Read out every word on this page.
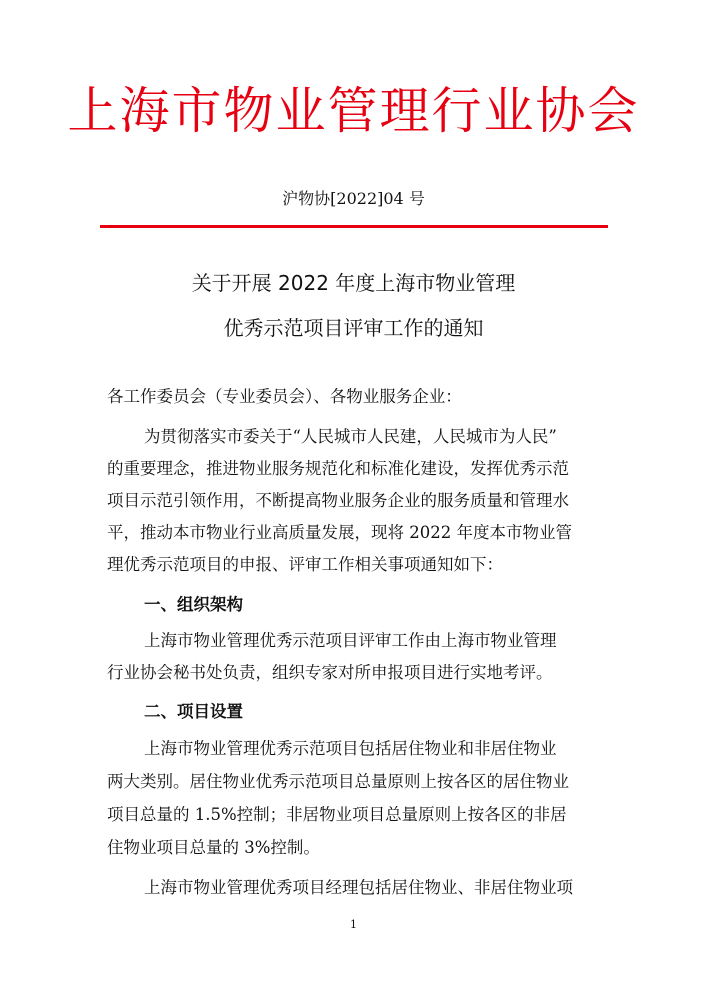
上海市物业管理行业协会
沪物协[2022]04 号
关于开展 2022 年度上海市物业管理
优秀示范项目评审工作的通知
各工作委员会（专业委员会）、各物业服务企业：
为贯彻落实市委关于“人民城市人民建，人民城市为人民”
的重要理念，推进物业服务规范化和标准化建设，发挥优秀示范
项目示范引领作用，不断提高物业服务企业的服务质量和管理水
平，推动本市物业行业高质量发展，现将 2022 年度本市物业管
理优秀示范项目的申报、评审工作相关事项通知如下：
一、组织架构
上海市物业管理优秀示范项目评审工作由上海市物业管理
行业协会秘书处负责，组织专家对所申报项目进行实地考评。
二、项目设置
上海市物业管理优秀示范项目包括居住物业和非居住物业
两大类别。居住物业优秀示范项目总量原则上按各区的居住物业
项目总量的 1.5%控制；非居物业项目总量原则上按各区的非居
住物业项目总量的 3%控制。
上海市物业管理优秀项目经理包括居住物业、非居住物业项
1
